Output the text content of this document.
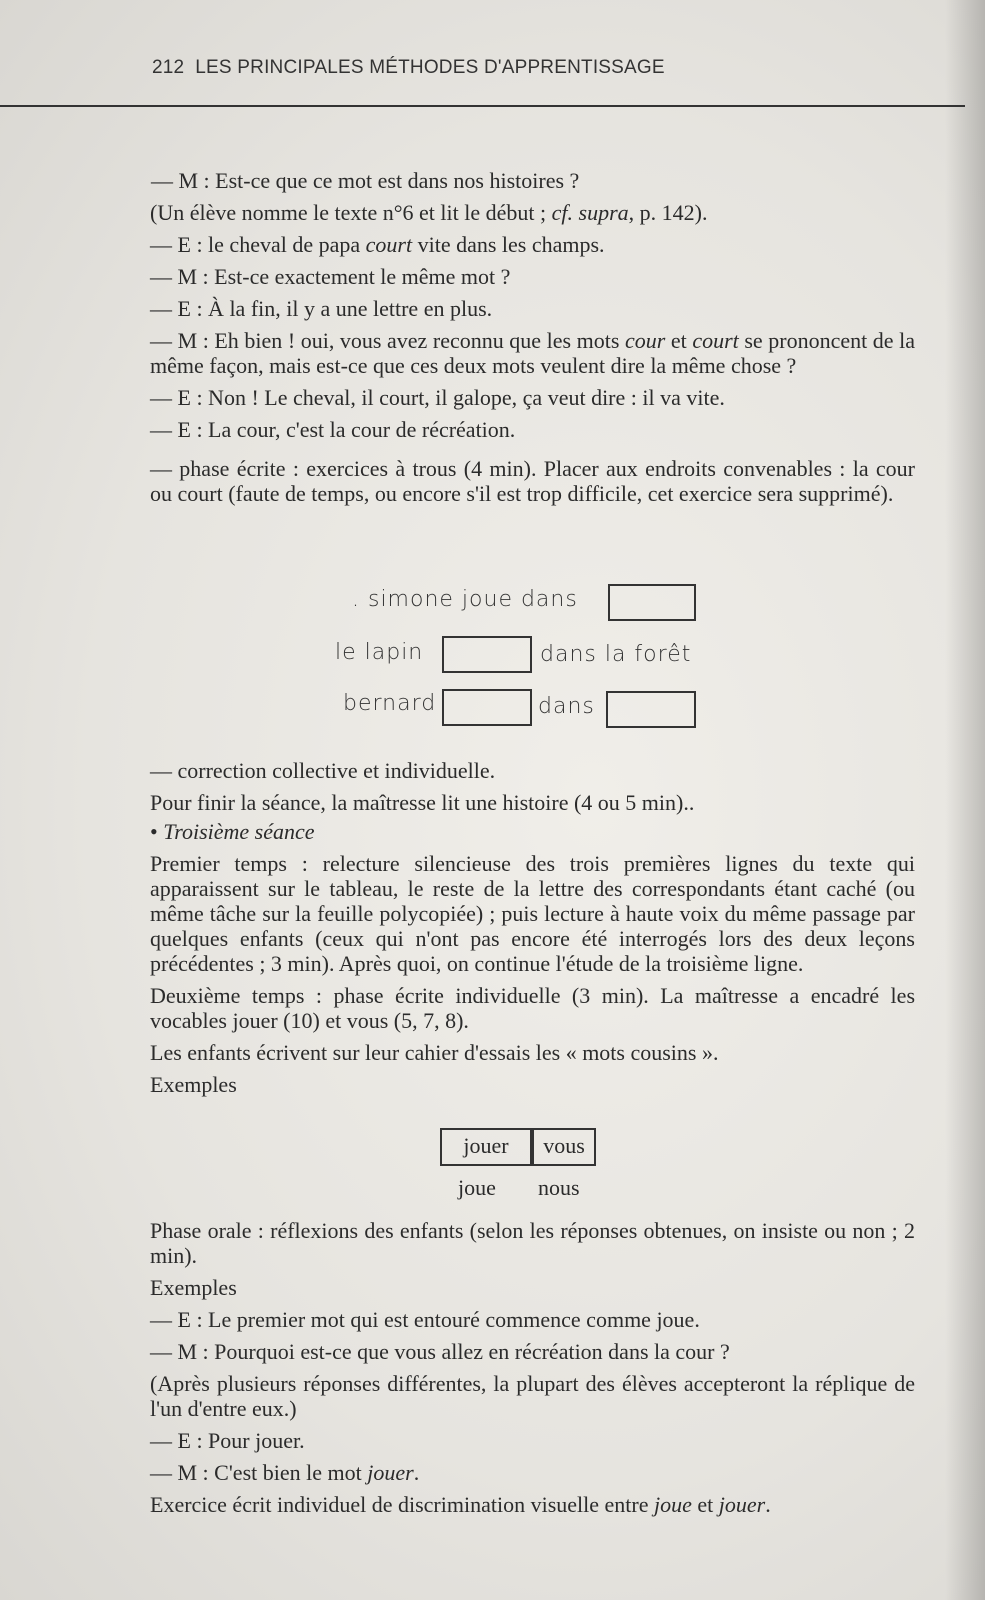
212 LES PRINCIPALES MÉTHODES D'APPRENTISSAGE

— M : Est-ce que ce mot est dans nos histoires ?

(Un élève nomme le texte n°6 et lit le début ; cf. supra, p. 142).

— E : le cheval de papa court vite dans les champs.

— M : Est-ce exactement le même mot ?

— E : À la fin, il y a une lettre en plus.

— M : Eh bien ! oui, vous avez reconnu que les mots cour et court se prononcent de la même façon, mais est-ce que ces deux mots veulent dire la même chose ?

— E : Non ! Le cheval, il court, il galope, ça veut dire : il va vite.

— E : La cour, c'est la cour de récréation.

— phase écrite : exercices à trous (4 min). Placer aux endroits convenables : la cour ou court (faute de temps, ou encore s'il est trop difficile, cet exercice sera supprimé).

. simone joue dans
le lapin	dans la forêt
bernard	dans

— correction collective et individuelle.

Pour finir la séance, la maîtresse lit une histoire (4 ou 5 min)..

• Troisième séance

Premier temps : relecture silencieuse des trois premières lignes du texte qui apparaissent sur le tableau, le reste de la lettre des correspondants étant caché (ou même tâche sur la feuille polycopiée) ; puis lecture à haute voix du même passage par quelques enfants (ceux qui n'ont pas encore été interrogés lors des deux leçons précédentes ; 3 min). Après quoi, on continue l'étude de la troisième ligne.

Deuxième temps : phase écrite individuelle (3 min). La maîtresse a encadré les vocables jouer (10) et vous (5, 7, 8).

Les enfants écrivent sur leur cahier d'essais les « mots cousins ».

Exemples

jouer	vous
joue nous

Phase orale : réflexions des enfants (selon les réponses obtenues, on insiste ou non ; 2 min).

Exemples

— E : Le premier mot qui est entouré commence comme joue.

— M : Pourquoi est-ce que vous allez en récréation dans la cour ?

(Après plusieurs réponses différentes, la plupart des élèves accepteront la réplique de l'un d'entre eux.)

— E : Pour jouer.

— M : C'est bien le mot jouer.

Exercice écrit individuel de discrimination visuelle entre joue et jouer.
